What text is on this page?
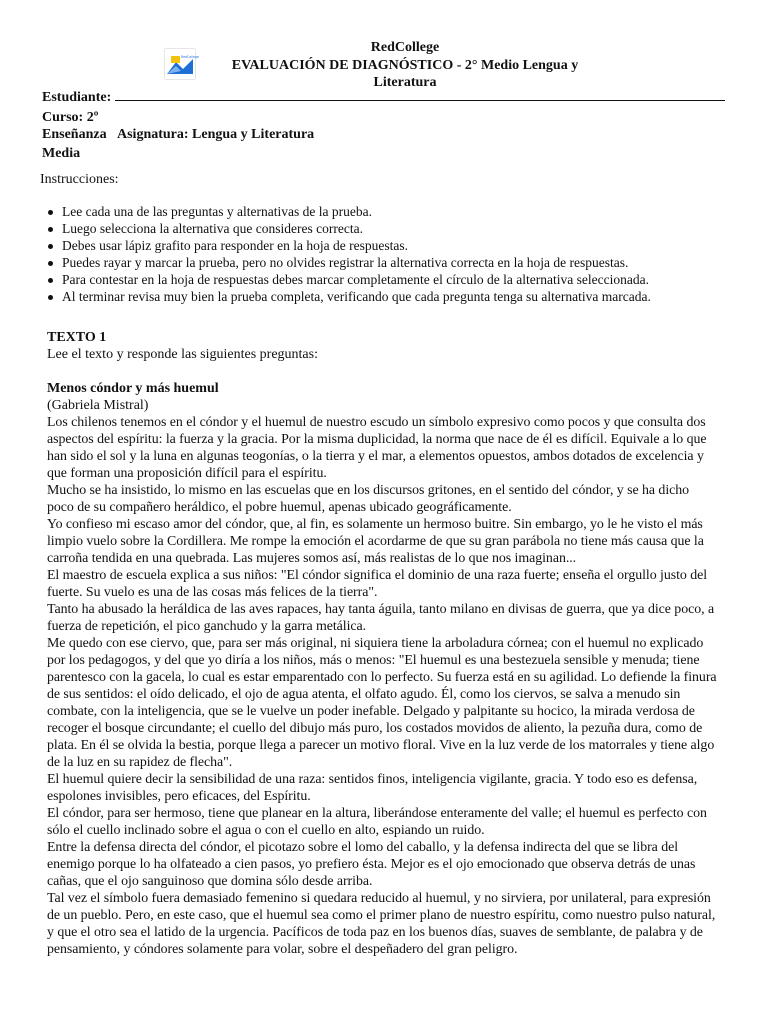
RedCollege
RedCollege
EVALUACIÓN DE DIAGNÓSTICO - 2° Medio Lengua y Literatura
Estudiante:
Curso: 2º
Enseñanza Asignatura: Lengua y Literatura
Media
Instrucciones:
Lee cada una de las preguntas y alternativas de la prueba.
Luego selecciona la alternativa que consideres correcta.
Debes usar lápiz grafito para responder en la hoja de respuestas.
Puedes rayar y marcar la prueba, pero no olvides registrar la alternativa correcta en la hoja de respuestas.
Para contestar en la hoja de respuestas debes marcar completamente el círculo de la alternativa seleccionada.
Al terminar revisa muy bien la prueba completa, verificando que cada pregunta tenga su alternativa marcada.
TEXTO 1
Lee el texto y responde las siguientes preguntas:
Menos cóndor y más huemul
(Gabriela Mistral)

Los chilenos tenemos en el cóndor y el huemul de nuestro escudo un símbolo expresivo como pocos y que consulta dos aspectos del espíritu: la fuerza y la gracia. Por la misma duplicidad, la norma que nace de él es difícil. Equivale a lo que han sido el sol y la luna en algunas teogonías, o la tierra y el mar, a elementos opuestos, ambos dotados de excelencia y que forman una proposición difícil para el espíritu.

Mucho se ha insistido, lo mismo en las escuelas que en los discursos gritones, en el sentido del cóndor, y se ha dicho poco de su compañero heráldico, el pobre huemul, apenas ubicado geográficamente.

Yo confieso mi escaso amor del cóndor, que, al fin, es solamente un hermoso buitre. Sin embargo, yo le he visto el más limpio vuelo sobre la Cordillera. Me rompe la emoción el acordarme de que su gran parábola no tiene más causa que la carroña tendida en una quebrada. Las mujeres somos así, más realistas de lo que nos imaginan...

El maestro de escuela explica a sus niños: "El cóndor significa el dominio de una raza fuerte; enseña el orgullo justo del fuerte. Su vuelo es una de las cosas más felices de la tierra".

Tanto ha abusado la heráldica de las aves rapaces, hay tanta águila, tanto milano en divisas de guerra, que ya dice poco, a fuerza de repetición, el pico ganchudo y la garra metálica.

Me quedo con ese ciervo, que, para ser más original, ni siquiera tiene la arboladura córnea; con el huemul no explicado por los pedagogos, y del que yo diría a los niños, más o menos: "El huemul es una bestezuela sensible y menuda; tiene parentesco con la gacela, lo cual es estar emparentado con lo perfecto. Su fuerza está en su agilidad. Lo defiende la finura de sus sentidos: el oído delicado, el ojo de agua atenta, el olfato agudo. Él, como los ciervos, se salva a menudo sin combate, con la inteligencia, que se le vuelve un poder inefable. Delgado y palpitante su hocico, la mirada verdosa de recoger el bosque circundante; el cuello del dibujo más puro, los costados movidos de aliento, la pezuña dura, como de plata. En él se olvida la bestia, porque llega a parecer un motivo floral. Vive en la luz verde de los matorrales y tiene algo de la luz en su rapidez de flecha".

El huemul quiere decir la sensibilidad de una raza: sentidos finos, inteligencia vigilante, gracia. Y todo eso es defensa, espolones invisibles, pero eficaces, del Espíritu.

El cóndor, para ser hermoso, tiene que planear en la altura, liberándose enteramente del valle; el huemul es perfecto con sólo el cuello inclinado sobre el agua o con el cuello en alto, espiando un ruido.

Entre la defensa directa del cóndor, el picotazo sobre el lomo del caballo, y la defensa indirecta del que se libra del enemigo porque lo ha olfateado a cien pasos, yo prefiero ésta. Mejor es el ojo emocionado que observa detrás de unas cañas, que el ojo sanguinoso que domina sólo desde arriba.

Tal vez el símbolo fuera demasiado femenino si quedara reducido al huemul, y no sirviera, por unilateral, para expresión de un pueblo. Pero, en este caso, que el huemul sea como el primer plano de nuestro espíritu, como nuestro pulso natural, y que el otro sea el latido de la urgencia. Pacíficos de toda paz en los buenos días, suaves de semblante, de palabra y de pensamiento, y cóndores solamente para volar, sobre el despeñadero del gran peligro.
